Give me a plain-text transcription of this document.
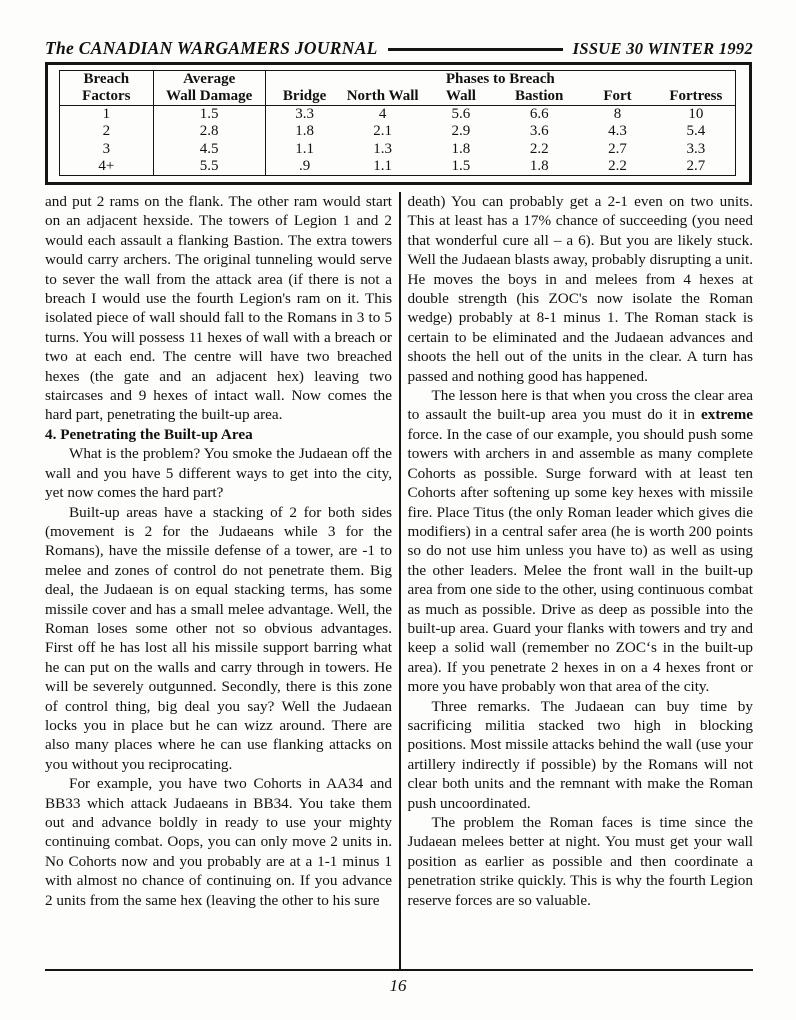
The CANADIAN WARGAMERS JOURNAL	ISSUE 30 WINTER 1992
Breach	Average	Phases to Breach					
Factors	Wall Damage	Bridge	North Wall	Wall	Bastion	Fort	Fortress
1	1.5	3.3	4	5.6	6.6	8	10
2	2.8	1.8	2.1	2.9	3.6	4.3	5.4
3	4.5	1.1	1.3	1.8	2.2	2.7	3.3
4+	5.5	.9	1.1	1.5	1.8	2.2	2.7

and put 2 rams on the flank. The other ram would start on an adjacent hexside. The towers of Legion 1 and 2 would each assault a flanking Bastion. The extra towers would carry archers. The original tunneling would serve to sever the wall from the attack area (if there is not a breach I would use the fourth Legion's ram on it. This isolated piece of wall should fall to the Romans in 3 to 5 turns. You will possess 11 hexes of wall with a breach or two at each end. The centre will have two breached hexes (the gate and an adjacent hex) leaving two staircases and 9 hexes of intact wall. Now comes the hard part, penetrating the built-up area.

4. Penetrating the Built-up Area

What is the problem? You smoke the Judaean off the wall and you have 5 different ways to get into the city, yet now comes the hard part?

Built-up areas have a stacking of 2 for both sides (movement is 2 for the Judaeans while 3 for the Romans), have the missile defense of a tower, are -1 to melee and zones of control do not penetrate them. Big deal, the Judaean is on equal stacking terms, has some missile cover and has a small melee advantage. Well, the Roman loses some other not so obvious advantages. First off he has lost all his missile support barring what he can put on the walls and carry through in towers. He will be severely outgunned. Secondly, there is this zone of control thing, big deal you say? Well the Judaean locks you in place but he can wizz around. There are also many places where he can use flanking attacks on you without you reciprocating.

For example, you have two Cohorts in AA34 and BB33 which attack Judaeans in BB34. You take them out and advance boldly in ready to use your mighty continuing combat. Oops, you can only move 2 units in. No Cohorts now and you probably are at a 1-1 minus 1 with almost no chance of continuing on. If you advance 2 units from the same hex (leaving the other to his sure

death) You can probably get a 2-1 even on two units. This at least has a 17% chance of succeeding (you need that wonderful cure all – a 6). But you are likely stuck. Well the Judaean blasts away, probably disrupting a unit. He moves the boys in and melees from 4 hexes at double strength (his ZOC's now isolate the Roman wedge) probably at 8-1 minus 1. The Roman stack is certain to be eliminated and the Judaean advances and shoots the hell out of the units in the clear. A turn has passed and nothing good has happened.

The lesson here is that when you cross the clear area to assault the built-up area you must do it in extreme force. In the case of our example, you should push some towers with archers in and assemble as many complete Cohorts as possible. Surge forward with at least ten Cohorts after softening up some key hexes with missile fire. Place Titus (the only Roman leader which gives die modifiers) in a central safer area (he is worth 200 points so do not use him unless you have to) as well as using the other leaders. Melee the front wall in the built-up area from one side to the other, using continuous combat as much as possible. Drive as deep as possible into the built-up area. Guard your flanks with towers and try and keep a solid wall (remember no ZOC‘s in the built-up area). If you penetrate 2 hexes in on a 4 hexes front or more you have probably won that area of the city.

Three remarks. The Judaean can buy time by sacrificing militia stacked two high in blocking positions. Most missile attacks behind the wall (use your artillery indirectly if possible) by the Romans will not clear both units and the remnant with make the Roman push uncoordinated.

The problem the Roman faces is time since the Judaean melees better at night. You must get your wall position as earlier as possible and then coordinate a penetration strike quickly. This is why the fourth Legion reserve forces are so valuable.

16
